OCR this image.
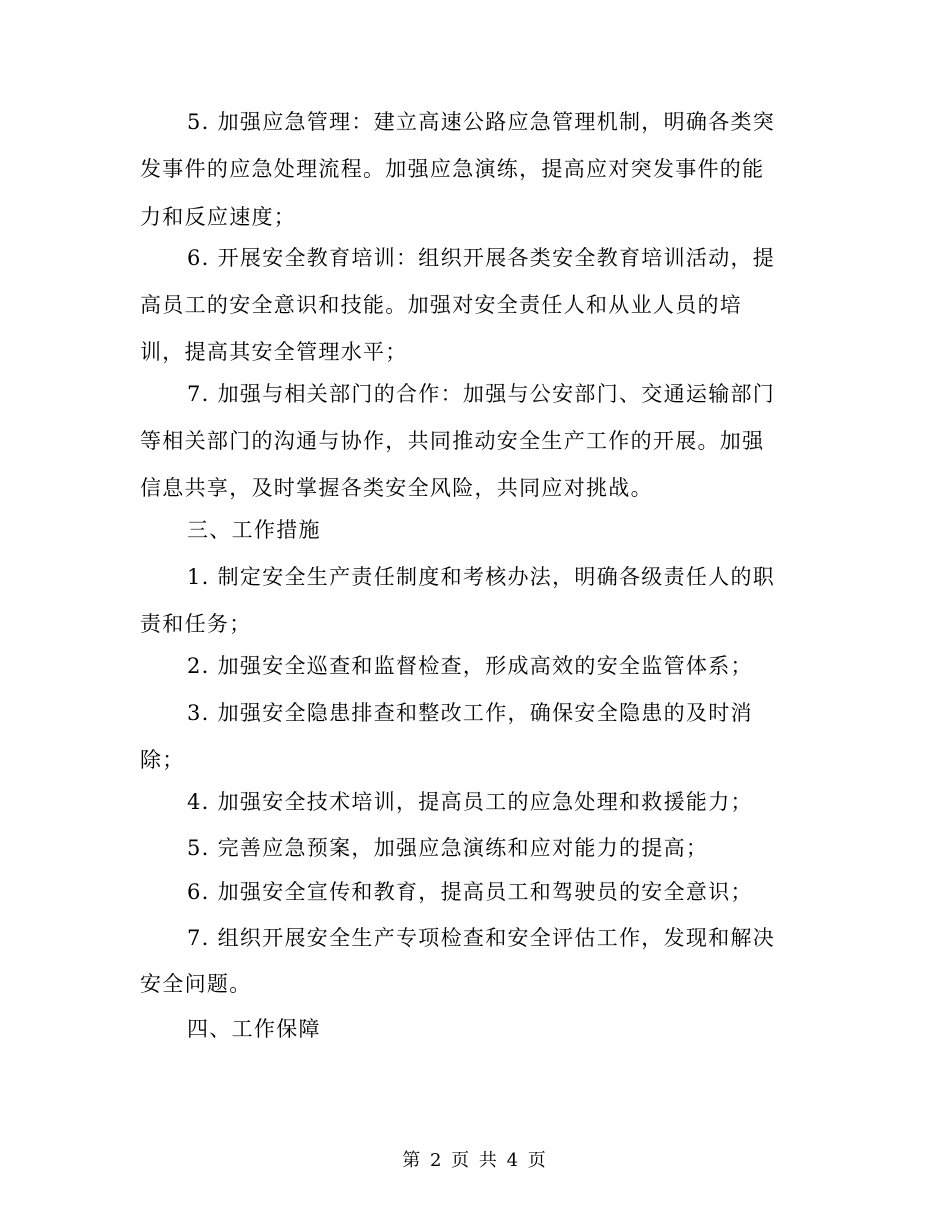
5. 加强应急管理：建立高速公路应急管理机制，明确各类突
发事件的应急处理流程。加强应急演练，提高应对突发事件的能
力和反应速度；
6. 开展安全教育培训：组织开展各类安全教育培训活动，提
高员工的安全意识和技能。加强对安全责任人和从业人员的培
训，提高其安全管理水平；
7. 加强与相关部门的合作：加强与公安部门、交通运输部门
等相关部门的沟通与协作，共同推动安全生产工作的开展。加强
信息共享，及时掌握各类安全风险，共同应对挑战。
三、工作措施
1. 制定安全生产责任制度和考核办法，明确各级责任人的职
责和任务；
2. 加强安全巡查和监督检查，形成高效的安全监管体系；
3. 加强安全隐患排查和整改工作，确保安全隐患的及时消
除；
4. 加强安全技术培训，提高员工的应急处理和救援能力；
5. 完善应急预案，加强应急演练和应对能力的提高；
6. 加强安全宣传和教育，提高员工和驾驶员的安全意识；
7. 组织开展安全生产专项检查和安全评估工作，发现和解决
安全问题。
四、工作保障
第 2 页 共 4 页
